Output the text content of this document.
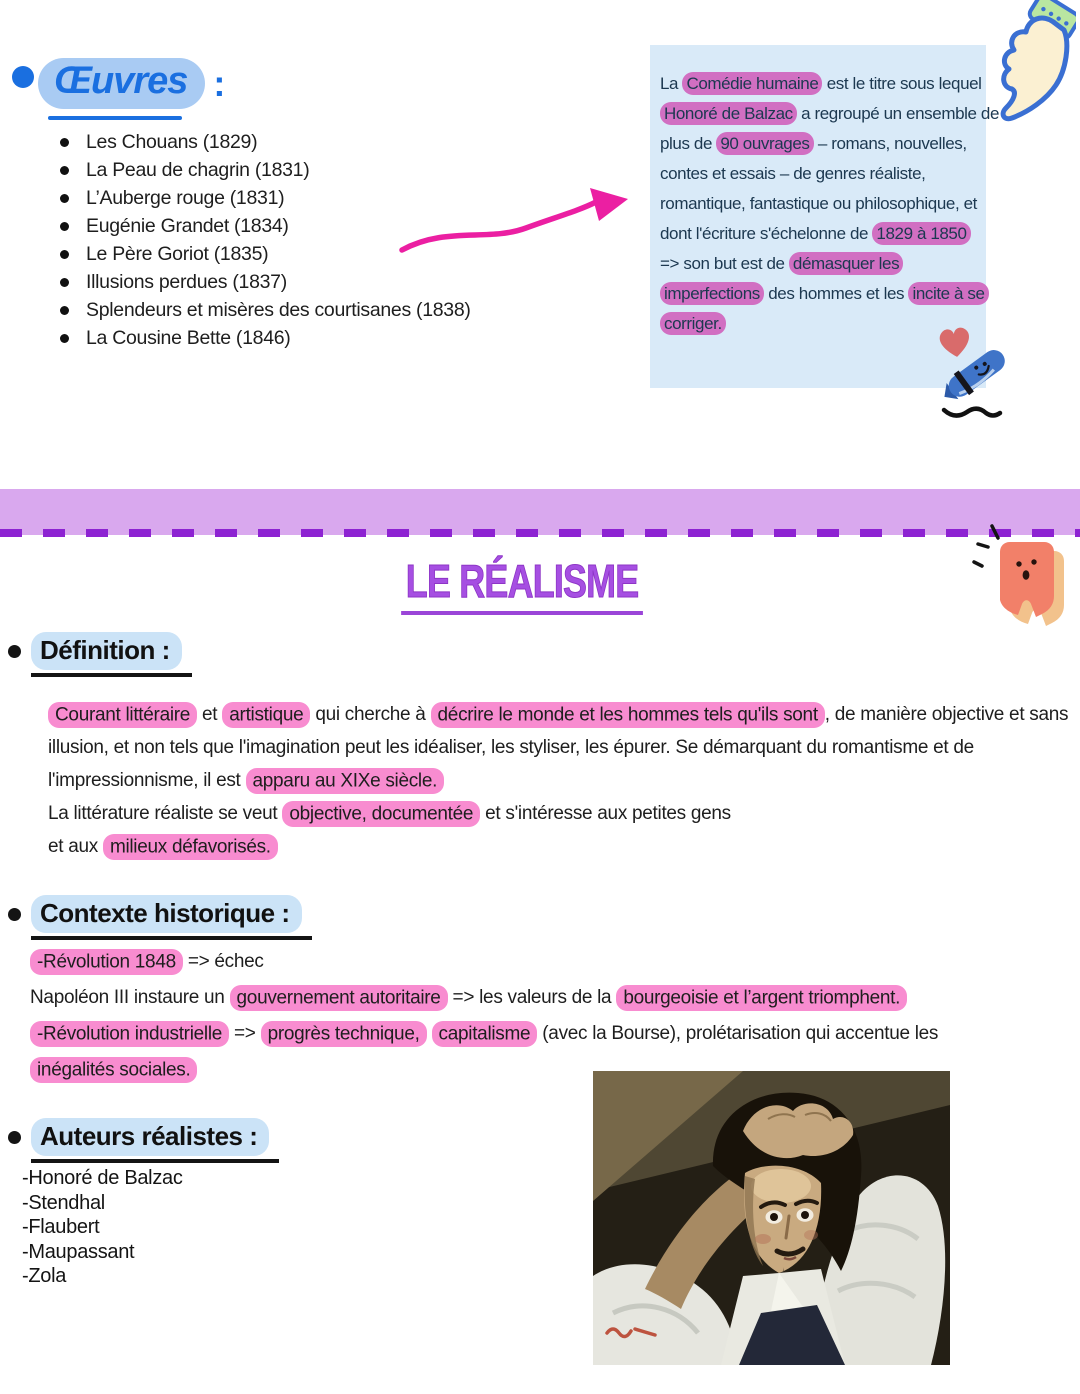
Œuvres :
Les Chouans (1829)
La Peau de chagrin (1831)
L’Auberge rouge (1831)
Eugénie Grandet (1834)
Le Père Goriot (1835)
Illusions perdues (1837)
Splendeurs et misères des courtisanes (1838)
La Cousine Bette (1846)
La Comédie humaine est le titre sous lequel
Honoré de Balzac a regroupé un ensemble de
plus de 90 ouvrages – romans, nouvelles,
contes et essais – de genres réaliste,
romantique, fantastique ou philosophique, et
dont l'écriture s'échelonne de 1829 à 1850
=> son but est de démasquer les
imperfections des hommes et les incite à se
corriger.
LE RÉALISME
Définition :
Courant littéraire et artistique qui cherche à décrire le monde et les hommes tels qu'ils sont , de manière objective et sans
illusion, et non tels que l'imagination peut les idéaliser, les styliser, les épurer. Se démarquant du romantisme et de
l'impressionnisme, il est apparu au XIXe siècle.
La littérature réaliste se veut objective, documentée et s'intéresse aux petites gens
et aux milieux défavorisés.
Contexte historique :
-Révolution 1848 => échec
Napoléon III instaure un gouvernement autoritaire => les valeurs de la bourgeoisie et l’argent triomphent.
-Révolution industrielle => progrès technique, capitalisme (avec la Bourse), prolétarisation qui accentue les
inégalités sociales.
Auteurs réalistes :
-Honoré de Balzac
-Stendhal
-Flaubert
-Maupassant
-Zola
